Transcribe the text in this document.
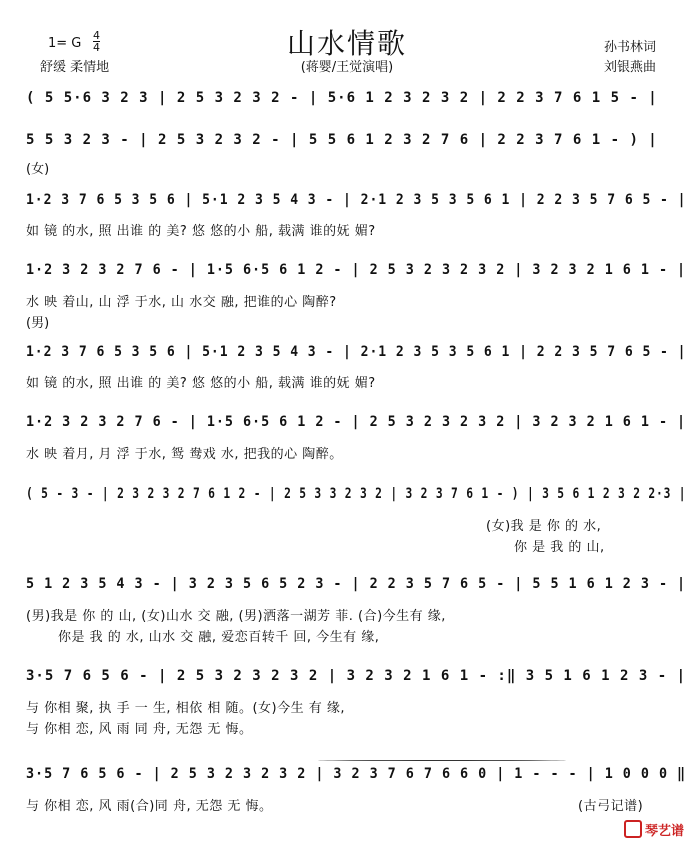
山水情歌
1= G $\frac{4}{4}$
舒缓 柔情地	(蒋婴/王觉演唱)
孙书林词
刘银燕曲
( 5 5·6 3 2 3 | 2 5 3 2 3 2 - | 5·6 1 2 3 2 3 2 | 2 2 3 7 6 1 5 - |
5 5 3 2 3 - | 2 5 3 2 3 2 - | 5 5 6 1 2 3 2 7 6 | 2 2 3 7 6 1 - ) |
(女)
1·2 3 7 6 5 3 5 6 | 5·1 2 3 5 4 3 - | 2·1 2 3 5 3 5 6 1 | 2 2 3 5 7 6 5 - |
如 镜 的水, 照 出谁 的 美? 悠 悠的小 船, 载满 谁的妩 媚?
1·2 3 2 3 2 7 6 - | 1·5 6·5 6 1 2 - | 2 5 3 2 3 2 3 2 | 3 2 3 2 1 6 1 - |
水 映 着山, 山 浮 于水, 山 水交 融, 把谁的心 陶醉?
(男)
1·2 3 7 6 5 3 5 6 | 5·1 2 3 5 4 3 - | 2·1 2 3 5 3 5 6 1 | 2 2 3 5 7 6 5 - |
如 镜 的水, 照 出谁 的 美? 悠 悠的小 船, 载满 谁的妩 媚?
1·2 3 2 3 2 7 6 - | 1·5 6·5 6 1 2 - | 2 5 3 2 3 2 3 2 | 3 2 3 2 1 6 1 - |
水 映 着月, 月 浮 于水, 鸳 鸯戏 水, 把我的心 陶醉。
( 5 - 3 - | 2 3 2 3 2 7 6 1 2 - | 2 5 3 3 2 3 2 | 3 2 3 7 6 1 - ) | 3 5 6 1 2 3 2 2·3 |
(女)我 是 你 的 水,
你 是 我 的 山,
5 1 2 3 5 4 3 - | 3 2 3 5 6 5 2 3 - | 2 2 3 5 7 6 5 - | 5 5 1 6 1 2 3 - |
(男)我是 你 的 山, (女)山水 交 融, (男)洒落一湖芳 菲. (合)今生有 缘,
你是 我 的 水, 山水 交 融, 爱恋百转千 回, 今生有 缘,
3·5 7 6 5 6 - | 2 5 3 2 3 2 3 2 | 3 2 3 2 1 6 1 - :‖ 3 5 1 6 1 2 3 - |
与 你相 聚, 执 手 一 生, 相依 相 随。(女)今生 有 缘,
与 你相 恋, 风 雨 同 舟, 无怨 无 悔。
3·5 7 6 5 6 - | 2 5 3 2 3 2 3 2 | 3 2 3 7 6 7 6 6 0 | 1 - - - | 1 0 0 0 ‖
与 你相 恋, 风 雨(合)同 舟, 无怨 无 悔。	(古弓记谱)
琴艺谱
